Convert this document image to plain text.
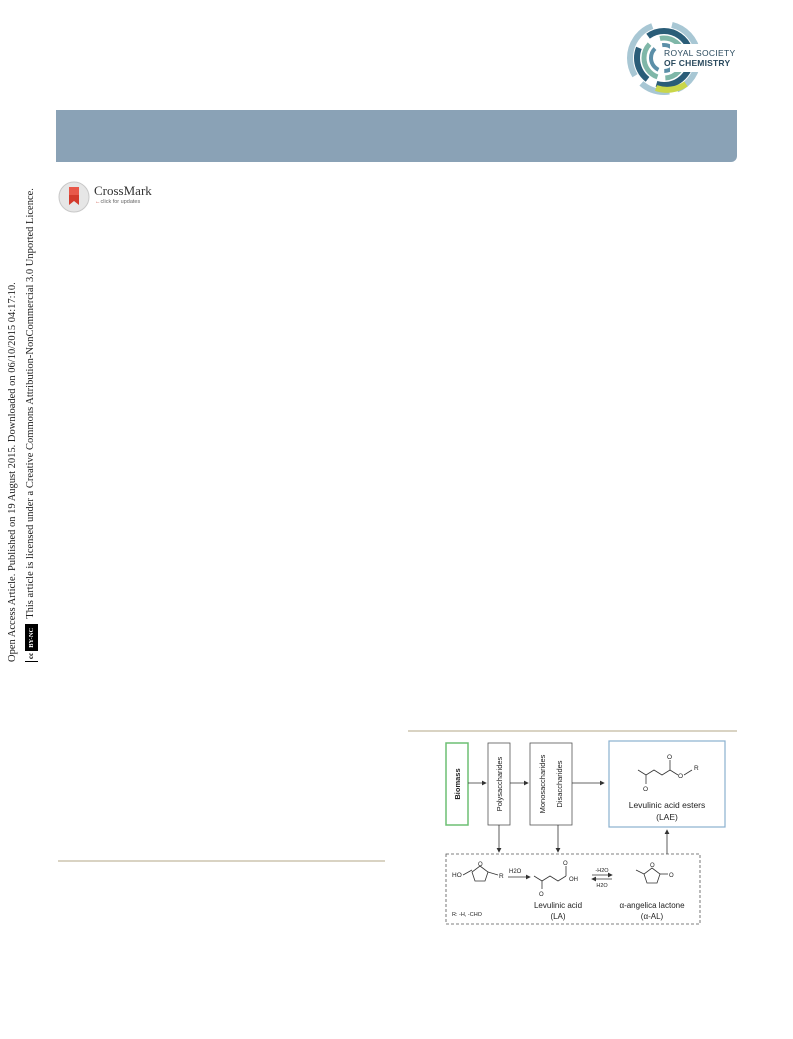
ROYAL SOCIETY
OF CHEMISTRY
CrossMark
←click for updates
Open Access Article. Published on 19 August 2015. Downloaded on 06/10/2015 04:17:10.	cc
BY-NC
This article is licensed under a Creative Commons Attribution-NonCommercial 3.0 Unported Licence.
Biomass	Polysaccharides	Monosaccharides Disaccharides	O
O
O
R
Levulinic acid esters
(LAE)
HO
O
R
R: -H, -CHO
H2O
O
O
OH
Levulinic acid
(LA)
-H2O
H2O
O
O
α-angelica lactone
(α-AL)
